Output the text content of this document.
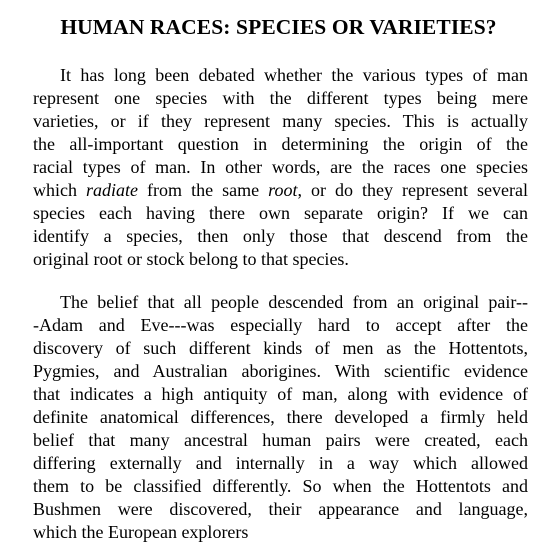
HUMAN RACES: SPECIES OR VARIETIES?
It has long been debated whether the various types of man
represent one species with the different types being mere
varieties, or if they represent many species. This is actually
the all-important question in determining the origin of the
racial types of man. In other words, are the races one species
which radiate from the same root, or do they represent several
species each having there own separate origin? If we can
identify a species, then only those that descend from the
original root or stock belong to that species.
The belief that all people descended from an original pair--
-Adam and Eve---was especially hard to accept after the
discovery of such different kinds of men as the Hottentots,
Pygmies, and Australian aborigines. With scientific evidence
that indicates a high antiquity of man, along with evidence of
definite anatomical differences, there developed a firmly held
belief that many ancestral human pairs were created, each
differing externally and internally in a way which allowed
them to be classified differently. So when the Hottentots and
Bushmen were discovered, their appearance and language,
which the European explorers
